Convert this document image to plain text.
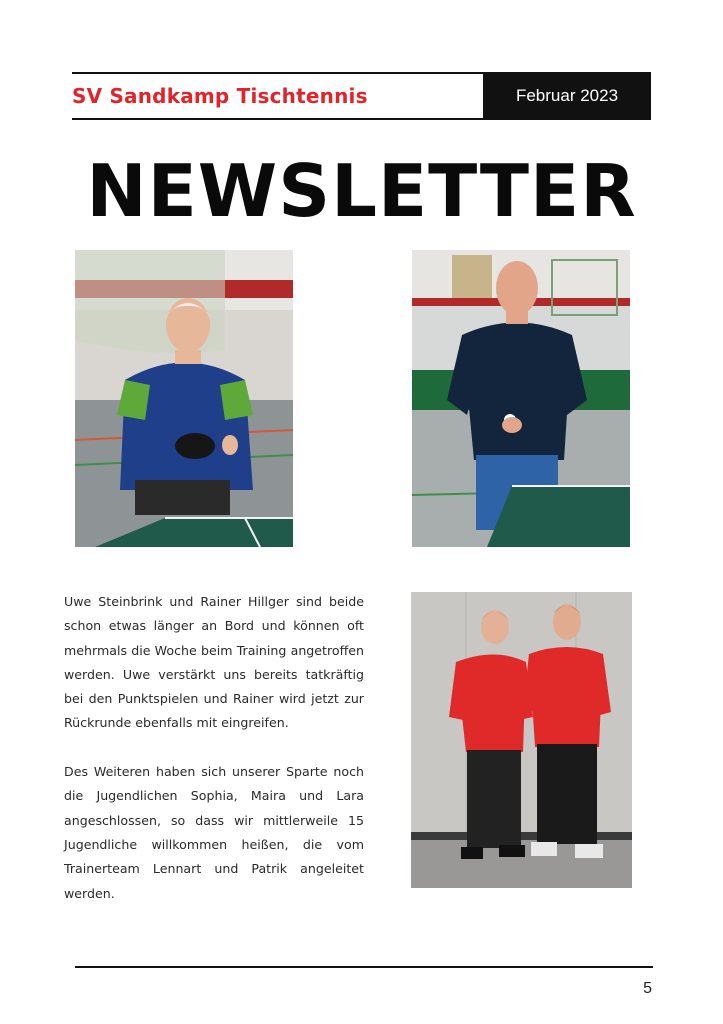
SV Sandkamp Tischtennis	Februar 2023
NEWSLETTER

Uwe Steinbrink und Rainer Hillger sind beide schon etwas länger an Bord und können oft mehrmals die Woche beim Training angetroffen werden. Uwe verstärkt uns bereits tatkräftig bei den Punktspielen und Rainer wird jetzt zur Rückrunde ebenfalls mit eingreifen.

Des Weiteren haben sich unserer Sparte noch die Jugendlichen Sophia, Maira und Lara angeschlossen, so dass wir mittlerweile 15 Jugendliche willkommen heißen, die vom Trainerteam Lennart und Patrik angeleitet werden.

5
